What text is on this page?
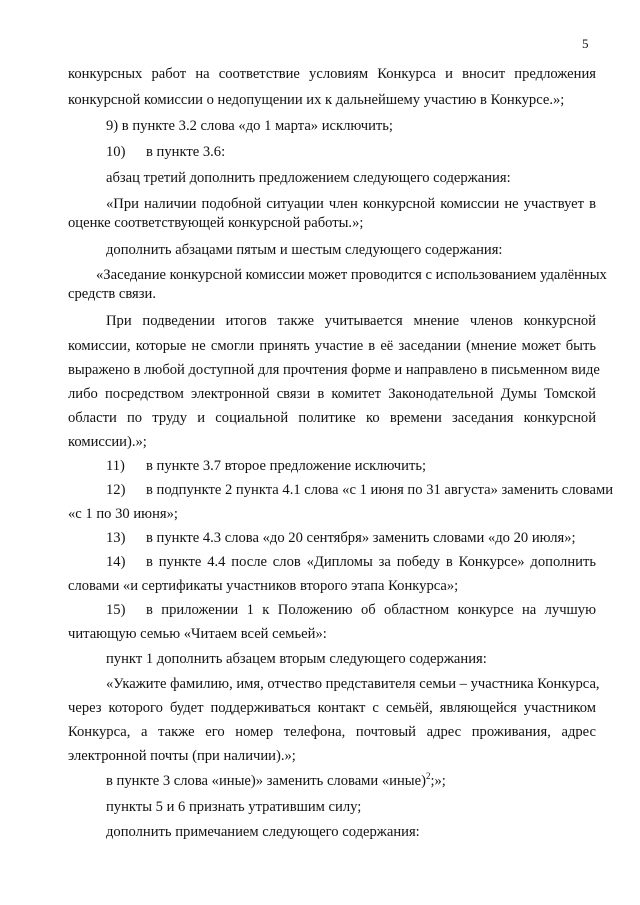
5
конкурсных работ на соответствие условиям Конкурса и вносит предложения
конкурсной комиссии о недопущении их к дальнейшему участию в Конкурсе.»;
9) в пункте 3.2 слова «до 1 марта» исключить;
10) в пункте 3.6:
абзац третий дополнить предложением следующего содержания:
«При наличии подобной ситуации член конкурсной комиссии не участвует в
оценке соответствующей конкурсной работы.»;
дополнить абзацами пятым и шестым следующего содержания:
«Заседание конкурсной комиссии может проводится с использованием удалённых
средств связи.
При подведении итогов также учитывается мнение членов конкурсной
комиссии, которые не смогли принять участие в её заседании (мнение может быть
выражено в любой доступной для прочтения форме и направлено в письменном виде
либо посредством электронной связи в комитет Законодательной Думы Томской
области по труду и социальной политике ко времени заседания конкурсной
комиссии).»;
11) в пункте 3.7 второе предложение исключить;
12) в подпункте 2 пункта 4.1 слова «с 1 июня по 31 августа» заменить словами
«с 1 по 30 июня»;
13) в пункте 4.3 слова «до 20 сентября» заменить словами «до 20 июля»;
14) в пункте 4.4 после слов «Дипломы за победу в Конкурсе» дополнить
словами «и сертификаты участников второго этапа Конкурса»;
15) в приложении 1 к Положению об областном конкурсе на лучшую
читающую семью «Читаем всей семьей»:
пункт 1 дополнить абзацем вторым следующего содержания:
«Укажите фамилию, имя, отчество представителя семьи – участника Конкурса,
через которого будет поддерживаться контакт с семьёй, являющейся участником
Конкурса, а также его номер телефона, почтовый адрес проживания, адрес
электронной почты (при наличии).»;
в пункте 3 слова «иные)» заменить словами «иные)$^2$;»;
пункты 5 и 6 признать утратившим силу;
дополнить примечанием следующего содержания:
